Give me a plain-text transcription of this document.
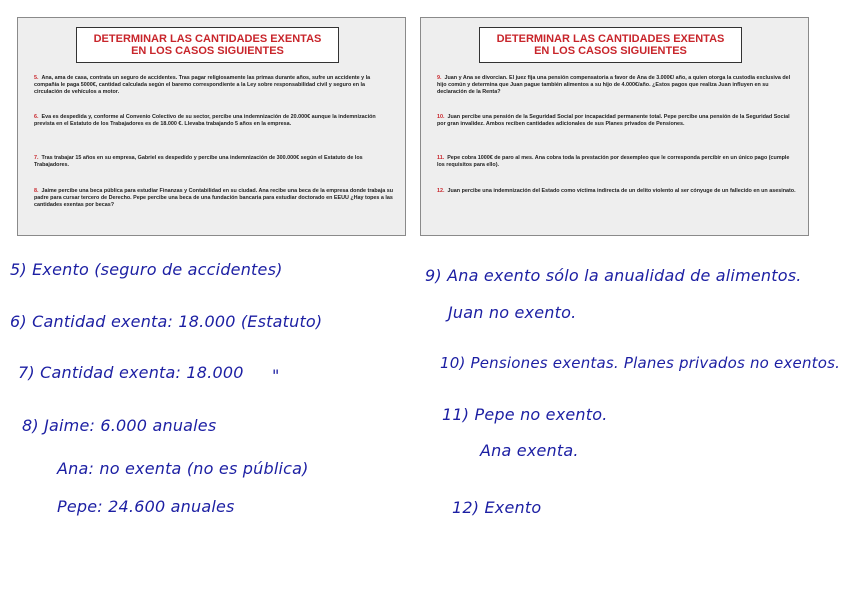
DETERMINAR LAS CANTIDADES EXENTAS
EN LOS CASOS SIGUIENTES
5. Ana, ama de casa, contrata un seguro de accidentes. Tras pagar religiosamente las primas durante años, sufre un accidente y la compañía le paga 5000€, cantidad calculada según el baremo correspondiente a la Ley sobre responsabilidad civil y seguro en la circulación de vehículos a motor.
6. Eva es despedida y, conforme al Convenio Colectivo de su sector, percibe una indemnización de 20.000€ aunque la indemnización prevista en el Estatuto de los Trabajadores es de 18.000 €. Llevaba trabajando 5 años en la empresa.
7. Tras trabajar 15 años en su empresa, Gabriel es despedido y percibe una indemnización de 300.000€ según el Estatuto de los Trabajadores.
8. Jaime percibe una beca pública para estudiar Finanzas y Contabilidad en su ciudad. Ana recibe una beca de la empresa donde trabaja su padre para cursar tercero de Derecho. Pepe percibe una beca de una fundación bancaria para estudiar doctorado en EEUU ¿Hay topes a las cantidades exentas por becas?
DETERMINAR LAS CANTIDADES EXENTAS
EN LOS CASOS SIGUIENTES
9. Juan y Ana se divorcian. El juez fija una pensión compensatoria a favor de Ana de 3.000€/ año, a quien otorga la custodia exclusiva del hijo común y determina que Juan pague también alimentos a su hijo de 4.000€/año. ¿Estos pagos que realiza Juan influyen en su declaración de la Renta?
10. Juan percibe una pensión de la Seguridad Social por incapacidad permanente total. Pepe percibe una pensión de la Seguridad Social por gran invalidez. Ambos reciben cantidades adicionales de sus Planes privados de Pensiones.
11. Pepe cobra 1000€ de paro al mes. Ana cobra toda la prestación por desempleo que le corresponda percibir en un único pago (cumple los requisitos para ello).
12. Juan percibe una indemnización del Estado como víctima indirecta de un delito violento al ser cónyuge de un fallecido en un asesinato.
5) Exento (seguro de accidentes)
6) Cantidad exenta: 18.000 (Estatuto)
7) Cantidad exenta: 18.000 "
8) Jaime: 6.000 anuales
Ana: no exenta (no es pública)
Pepe: 24.600 anuales
9) Ana exento sólo la anualidad de alimentos.
Juan no exento.
10) Pensiones exentas. Planes privados no exentos.
11) Pepe no exento.
Ana exenta.
12) Exento
